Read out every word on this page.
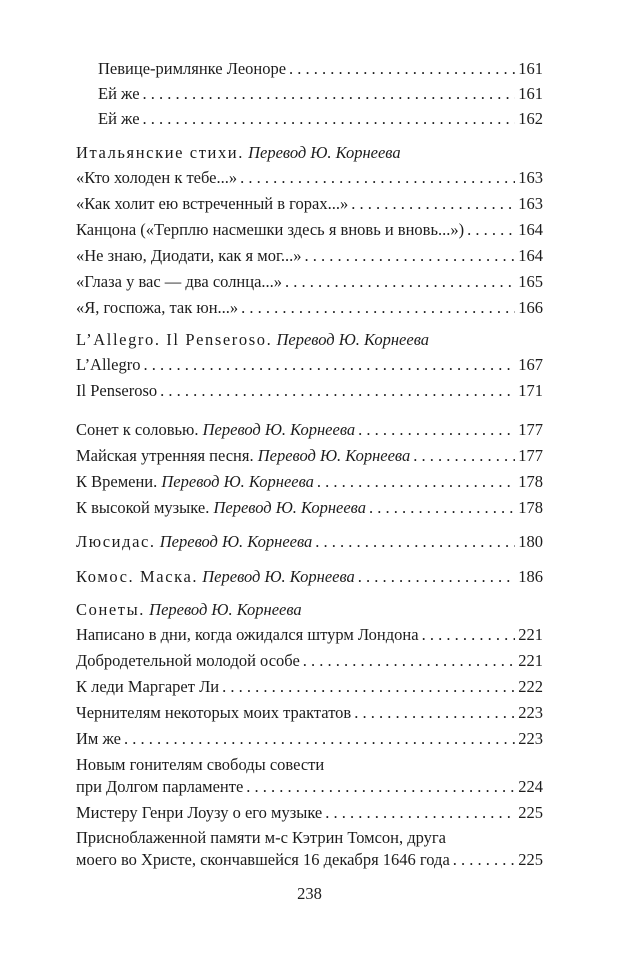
Певице-римлянке Леоноре . . .	161
Ей же . . .	161
Ей же . . .	162
Итальянские стихи. Перевод Ю. Корнеева
«Кто холоден к тебе...» . . .	163
«Как холит ею встреченный в горах...» . . .	163
Канцона («Терплю насмешки здесь я вновь и вновь...») . . .	164
«Не знаю, Диодати, как я мог...» . . .	164
«Глаза у вас — два солнца...» . . .	165
«Я, госпожа, так юн...» . . .	166
L’Allegro. Il Penseroso. Перевод Ю. Корнеева
L’Allegro . . .	167
Il Penseroso . . .	171
Сонет к соловью. Перевод Ю. Корнеева . . .	177
Майская утренняя песня. Перевод Ю. Корнеева . . .	177
К Времени. Перевод Ю. Корнеева . . .	178
К высокой музыке. Перевод Ю. Корнеева . . .	178
Люсидас. Перевод Ю. Корнеева . . .	180
Комос. Маска. Перевод Ю. Корнеева . . .	186
Сонеты. Перевод Ю. Корнеева
Написано в дни, когда ожидался штурм Лондона . . .	221
Добродетельной молодой особе . . .	221
К леди Маргарет Ли . . .	222
Чернителям некоторых моих трактатов . . .	223
Им же . . .	223
Новым гонителям свободы совести
при Долгом парламенте . . .	224
Мистеру Генри Лоузу о его музыке . . .	225
Присноблаженной памяти м-с Кэтрин Томсон, друга
моего во Христе, скончавшейся 16 декабря 1646 года . . .	225
238
